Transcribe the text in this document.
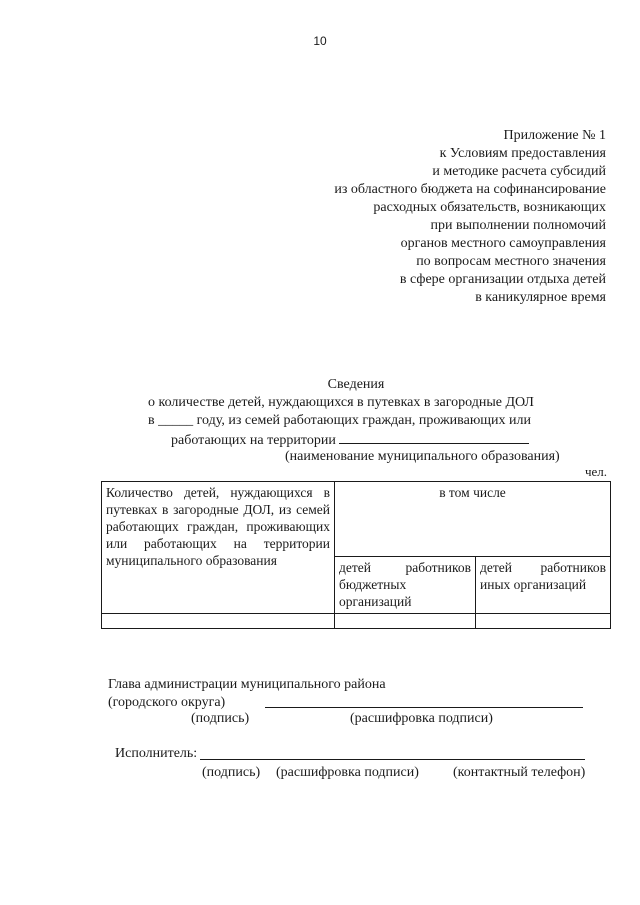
10
Приложение № 1
к Условиям предоставления
и методике расчета субсидий
из областного бюджета на софинансирование
расходных обязательств, возникающих
при выполнении полномочий
органов местного самоуправления
по вопросам местного значения
в сфере организации отдыха детей
в каникулярное время
Сведения
о количестве детей, нуждающихся в путевках в загородные ДОЛ
в _____ году, из семей работающих граждан, проживающих или
работающих на территории
(наименование муниципального образования)
чел.
Количество детей, нуждающихся в путевках в загородные ДОЛ, из семей работающих граждан, проживающих или работающих на территории муниципального образования	в том числе	
	детей работников бюджетных организаций	детей работников иных организаций

Глава администрации муниципального района
(городского округа)
(подпись)	(расшифровка подписи)
Исполнитель:
(подпись) (расшифровка подписи) (контактный телефон)
